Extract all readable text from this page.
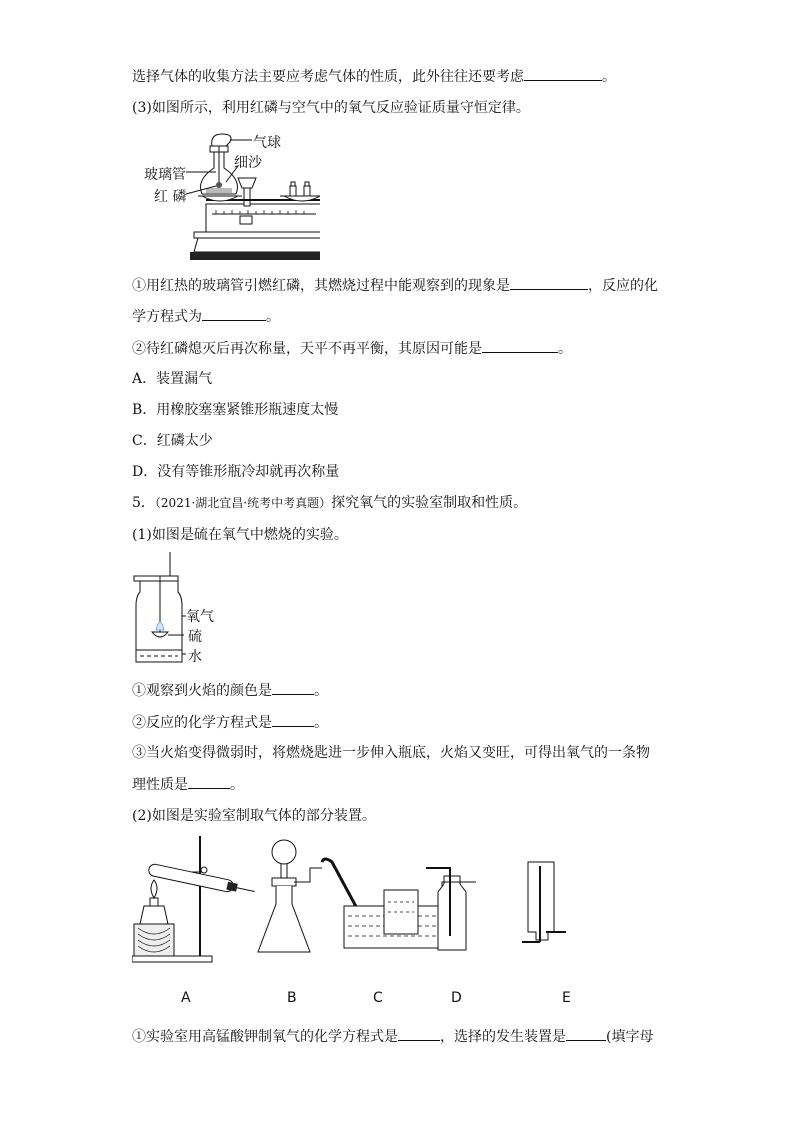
选择气体的收集方法主要应考虑气体的性质，此外往往还要考虑	。
(3)如图所示，利用红磷与空气中的氧气反应验证质量守恒定律。
气球
细沙
玻璃管
红 磷
①用红热的玻璃管引燃红磷，其燃烧过程中能观察到的现象是	，反应的化
学方程式为	。
②待红磷熄灭后再次称量，天平不再平衡，其原因可能是	。
A．装置漏气
B．用橡胶塞塞紧锥形瓶速度太慢
C．红磷太少
D．没有等锥形瓶冷却就再次称量
5．（2021·湖北宜昌·统考中考真题）探究氧气的实验室制取和性质。
(1)如图是硫在氧气中燃烧的实验。
氧气
硫
水
①观察到火焰的颜色是	。
②反应的化学方程式是	。
③当火焰变得微弱时，将燃烧匙进一步伸入瓶底，火焰又变旺，可得出氧气的一条物
理性质是	。
(2)如图是实验室制取气体的部分装置。
A	B	C	D	E
①实验室用高锰酸钾制氧气的化学方程式是	，选择的发生装置是	(填字母
